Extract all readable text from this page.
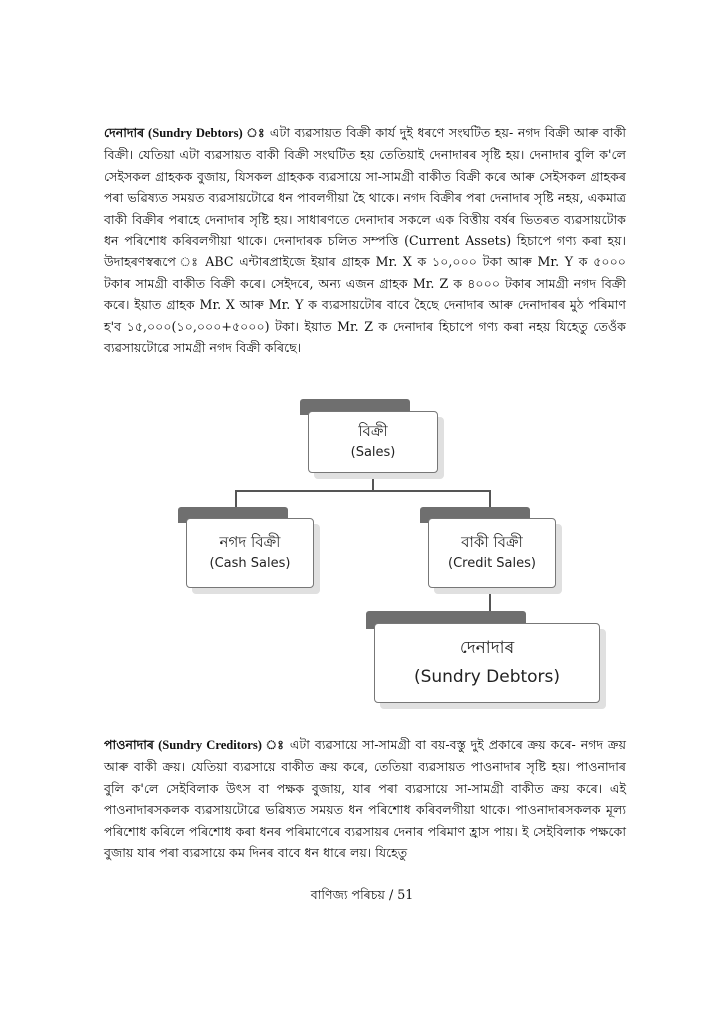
দেনাদাৰ (Sundry Debtors) ঃ এটা ব্যৱসায়ত বিক্ৰী কাৰ্য দুই ধৰণে সংঘটিত হয়- নগদ বিক্ৰী আৰু বাকী বিক্ৰী। যেতিয়া এটা ব্যৱসায়ত বাকী বিক্ৰী সংঘটিত হয় তেতিয়াই দেনাদাৰৰ সৃষ্টি হয়। দেনাদাৰ বুলি ক'লে সেইসকল গ্ৰাহকক বুজায়, যিসকল গ্ৰাহকক ব্যৱসায়ে সা-সামগ্ৰী বাকীত বিক্ৰী কৰে আৰু সেইসকল গ্ৰাহকৰ পৰা ভৱিষ্যত সময়ত ব্যৱসায়টোৱে ধন পাবলগীয়া হৈ থাকে। নগদ বিক্ৰীৰ পৰা দেনাদাৰ সৃষ্টি নহয়, একমাত্ৰ বাকী বিক্ৰীৰ পৰাহে দেনাদাৰ সৃষ্টি হয়। সাধাৰণতে দেনাদাৰ সকলে এক বিত্তীয় বৰ্ষৰ ভিতৰত ব্যৱসায়টোক ধন পৰিশোধ কৰিবলগীয়া থাকে। দেনাদাৰক চলিত সম্পত্তি (Current Assets) হিচাপে গণ্য কৰা হয়। উদাহৰণস্বৰূপে ঃ ABC এন্টাৰপ্ৰাইজে ইয়াৰ গ্ৰাহক Mr. X ক ১০,০০০ টকা আৰু Mr. Y ক ৫০০০ টকাৰ সামগ্ৰী বাকীত বিক্ৰী কৰে। সেইদৰে, অন্য এজন গ্ৰাহক Mr. Z ক ৪০০০ টকাৰ সামগ্ৰী নগদ বিক্ৰী কৰে। ইয়াত গ্ৰাহক Mr. X আৰু Mr. Y ক ব্যৱসায়টোৰ বাবে হৈছে দেনাদাৰ আৰু দেনাদাৰৰ মুঠ পৰিমাণ হ'ব ১৫,০০০(১০,০০০+৫০০০) টকা। ইয়াত Mr. Z ক দেনাদাৰ হিচাপে গণ্য কৰা নহয় যিহেতু তেওঁক ব্যৱসায়টোৱে সামগ্ৰী নগদ বিক্ৰী কৰিছে।
বিক্ৰী
(Sales)
নগদ বিক্ৰী
(Cash Sales)
বাকী বিক্ৰী
(Credit Sales)
দেনাদাৰ
(Sundry Debtors)
পাওনাদাৰ (Sundry Creditors) ঃ এটা ব্যৱসায়ে সা-সামগ্ৰী বা বয়-বস্তু দুই প্ৰকাৰে ক্ৰয় কৰে- নগদ ক্ৰয় আৰু বাকী ক্ৰয়। যেতিয়া ব্যৱসায়ে বাকীত ক্ৰয় কৰে, তেতিয়া ব্যৱসায়ত পাওনাদাৰ সৃষ্টি হয়। পাওনাদাৰ বুলি ক'লে সেইবিলাক উৎস বা পক্ষক বুজায়, যাৰ পৰা ব্যৱসায়ে সা-সামগ্ৰী বাকীত ক্ৰয় কৰে। এই পাওনাদাৰসকলক ব্যৱসায়টোৱে ভৱিষ্যত সময়ত ধন পৰিশোধ কৰিবলগীয়া থাকে। পাওনাদাৰসকলক মূল্য পৰিশোধ কৰিলে পৰিশোধ কৰা ধনৰ পৰিমাণেৰে ব্যৱসায়ৰ দেনাৰ পৰিমাণ হ্ৰাস পায়। ই সেইবিলাক পক্ষকো বুজায় যাৰ পৰা ব্যৱসায়ে কম দিনৰ বাবে ধন ধাৰে লয়। যিহেতু
বাণিজ্য পৰিচয় / 51
